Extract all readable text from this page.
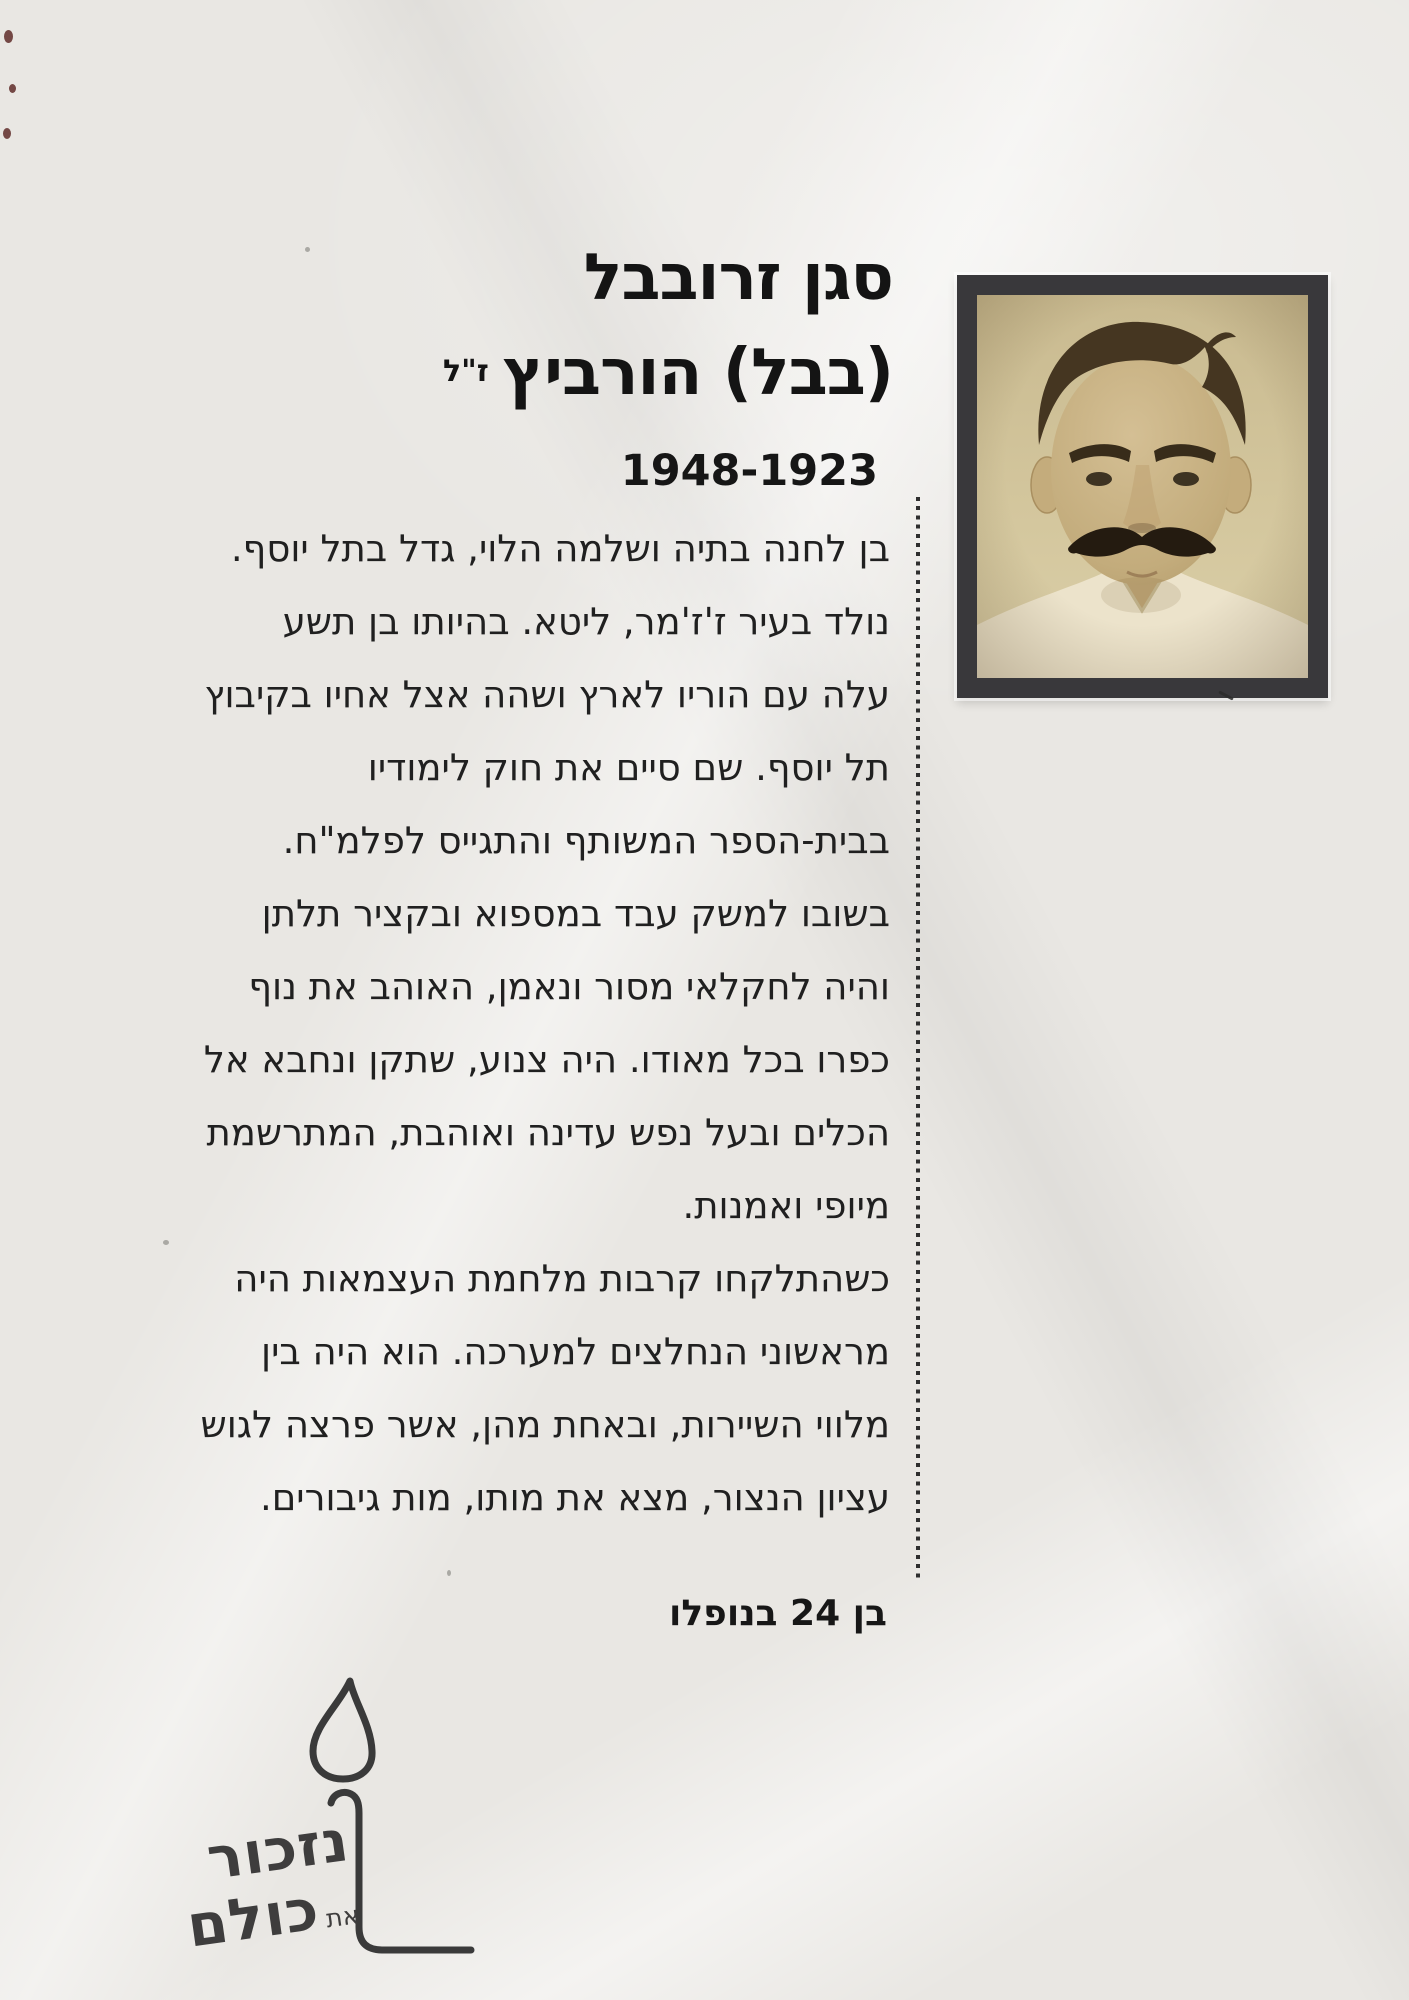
סגן זרובבל
(בבל) הורביץ$^{ז"ל}$
1948-1923
בן לחנה בתיה ושלמה הלוי, גדל בתל יוסף.
נולד בעיר ז'ז'מר, ליטא. בהיותו בן תשע
עלה עם הוריו לארץ ושהה אצל אחיו בקיבוץ
תל יוסף. שם סיים את חוק לימודיו
בבית-הספר המשותף והתגייס לפלמ"ח.
בשובו למשק עבד במספוא ובקציר תלתן
והיה לחקלאי מסור ונאמן, האוהב את נוף
כפרו בכל מאודו. היה צנוע, שתקן ונחבא אל
הכלים ובעל נפש עדינה ואוהבת, המתרשמת
מיופי ואמנות.
כשהתלקחו קרבות מלחמת העצמאות היה
מראשוני הנחלצים למערכה. הוא היה בין
מלווי השיירות, ובאחת מהן, אשר פרצה לגוש
עציון הנצור, מצא את מותו, מות גיבורים.
בן 24 בנופלו
נזכור
אתכולם
